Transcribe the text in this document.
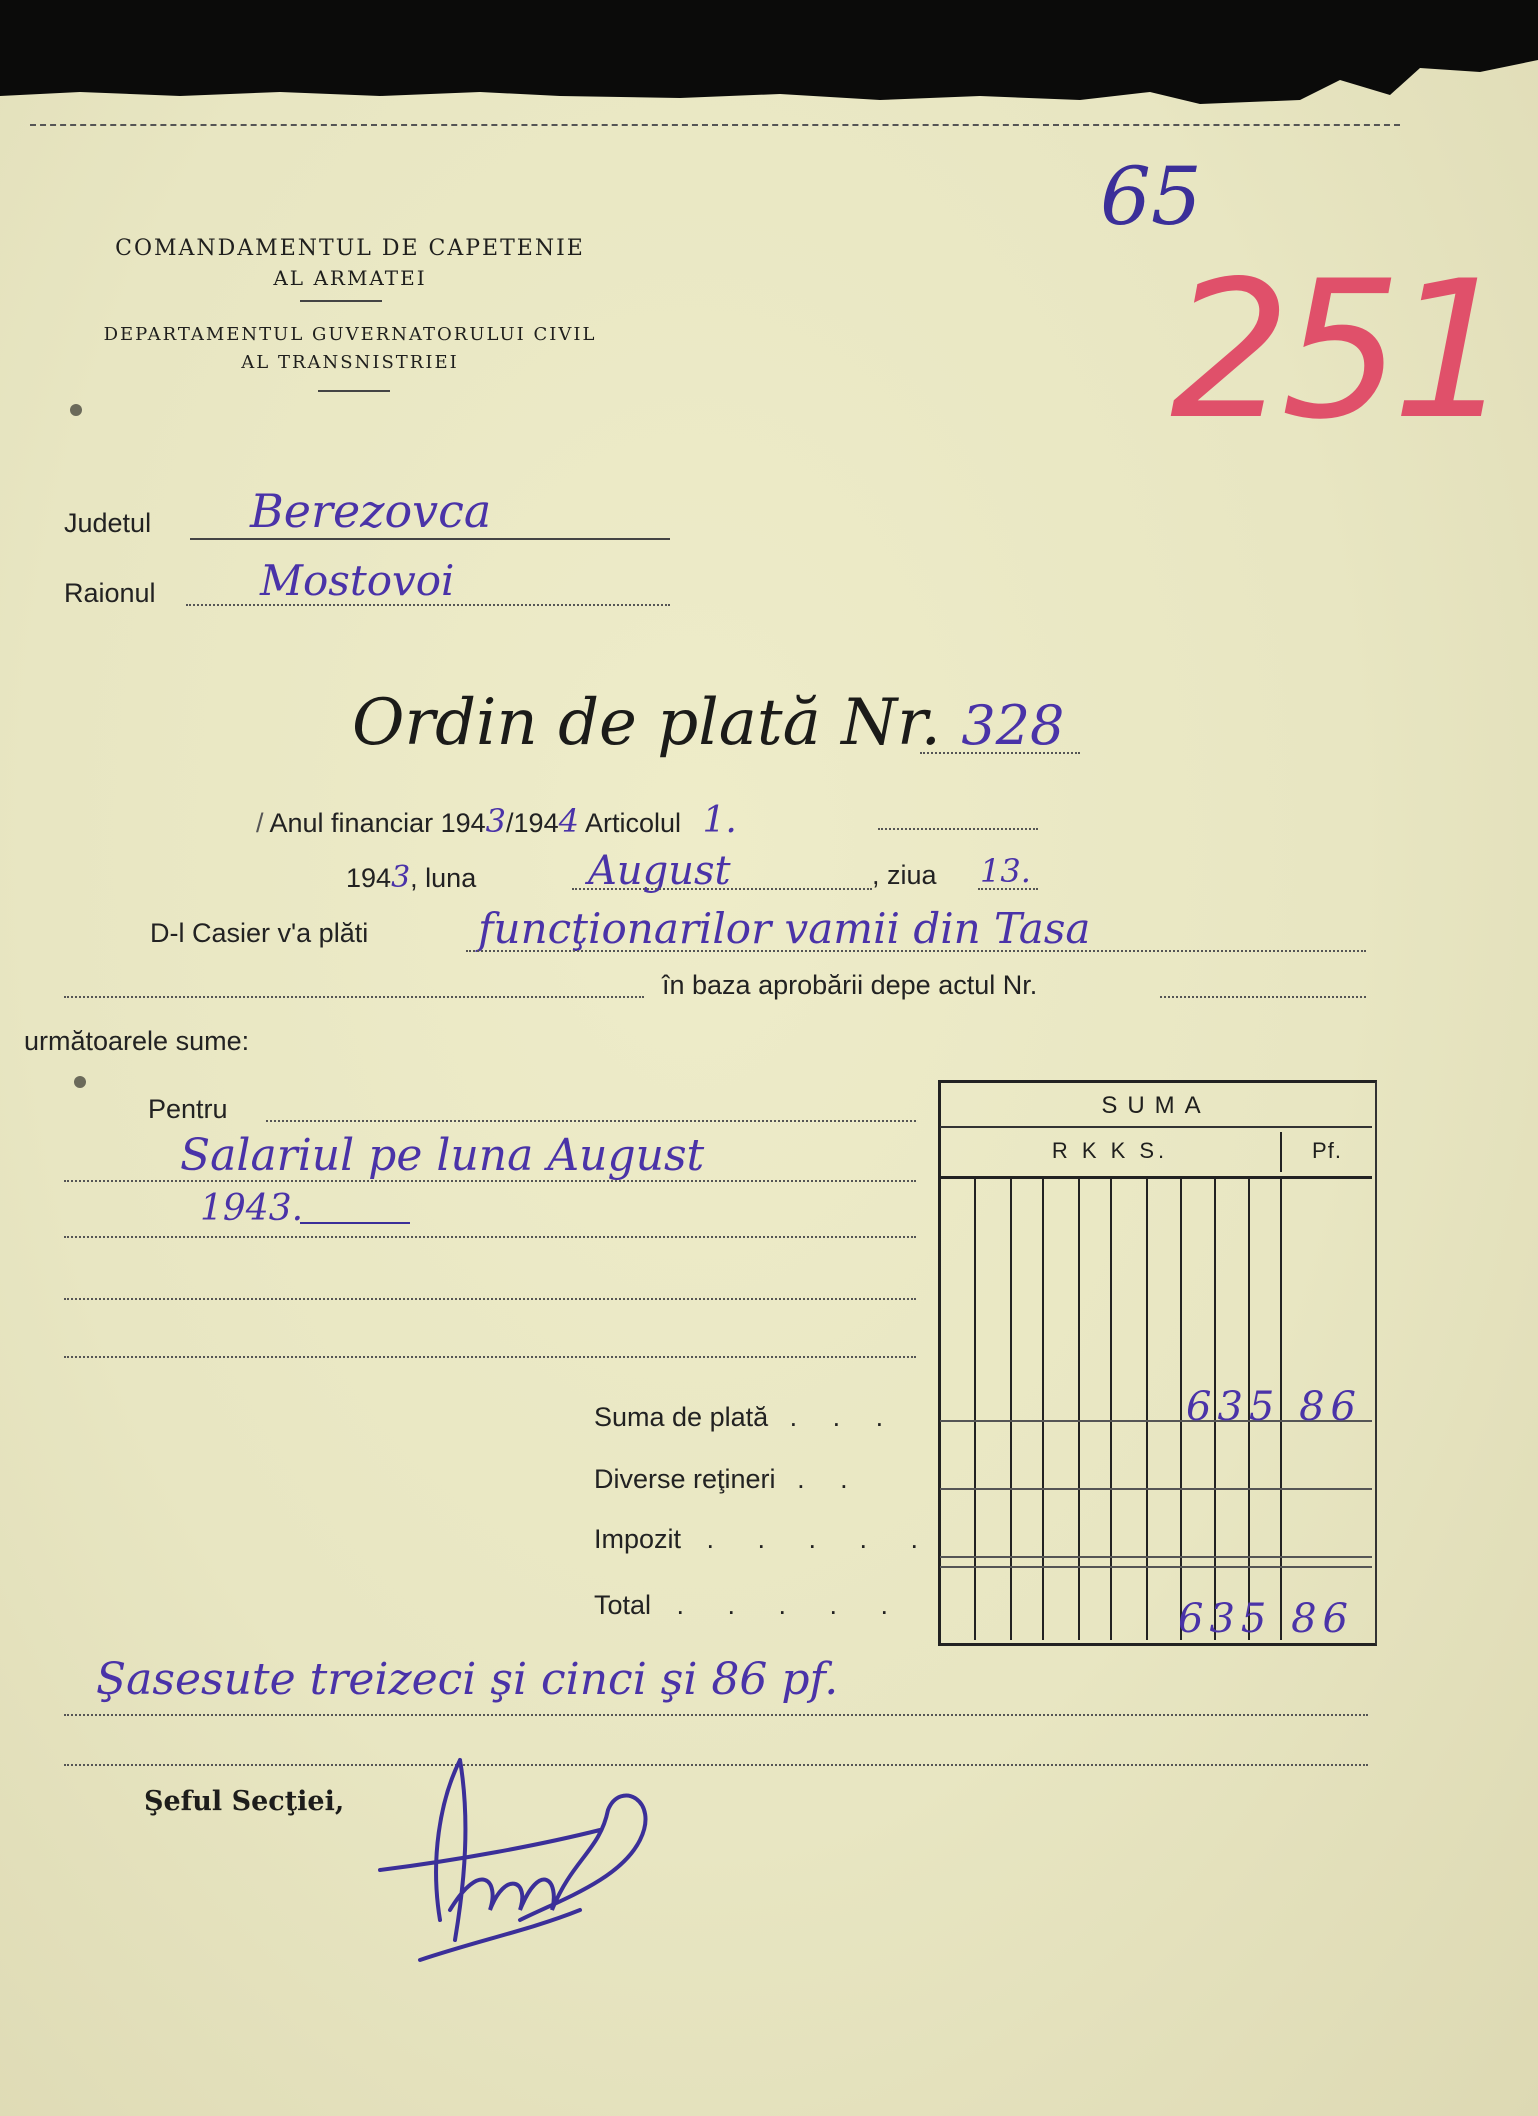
COMANDAMENTUL DE CAPETENIE
AL ARMATEI
DEPARTAMENTUL GUVERNATORULUI CIVIL
AL TRANSNISTRIEI
65
251
Judetul Berezovca
Raionul Mostovoi
Ordin de plată Nr. 328
/ Anul financiar 1943/1944 Articolul 1.
1943, luna	August	, ziua 13.
D-l Casier v'a plăti	funcţionarilor vamii din Tasa
în baza aprobării depe actul Nr.
următoarele sume:
Pentru
Salariul pe luna August
1943.
SUMA
R K K S.	Pf.
Suma de plată . . .	635 86
Diverse reţineri . .
Impozit . . . . .
Total . . . . .	635 86
Şasesute treizeci şi cinci şi 86 pf.
Şeful Secţiei,
